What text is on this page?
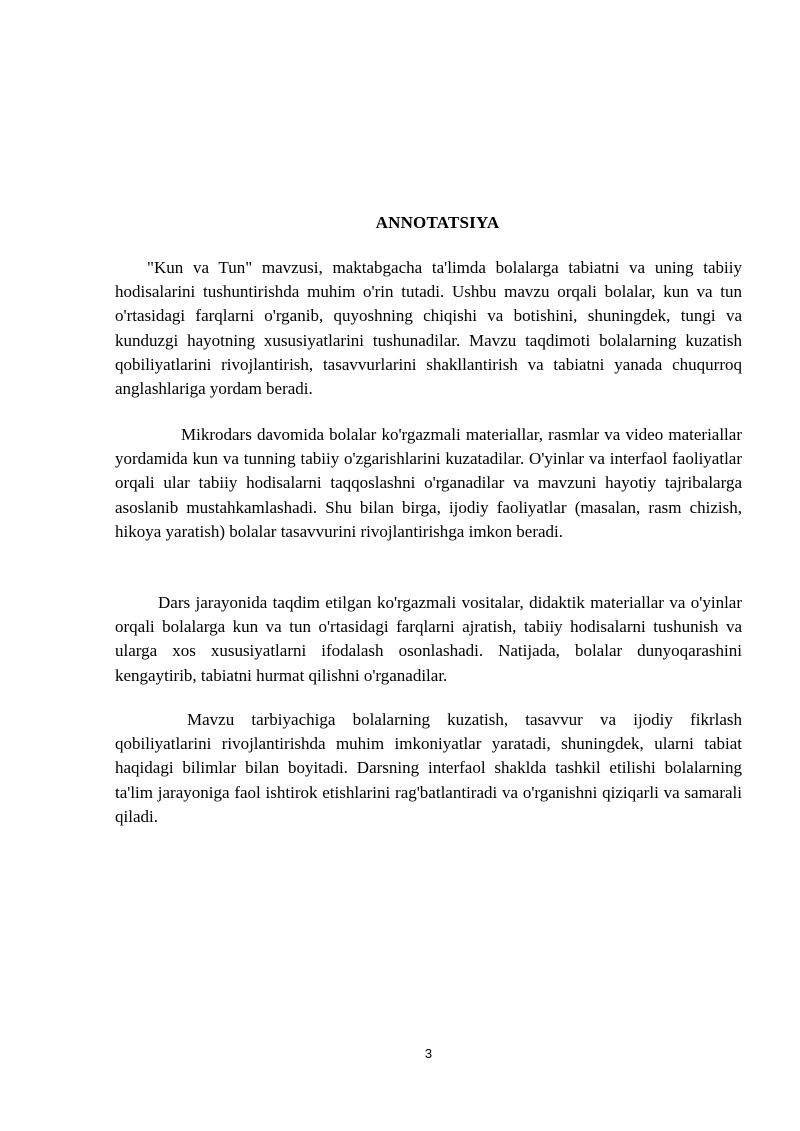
ANNOTATSIYA

"Kun va Tun" mavzusi, maktabgacha ta'limda bolalarga tabiatni va uning tabiiy hodisalarini tushuntirishda muhim o'rin tutadi. Ushbu mavzu orqali bolalar, kun va tun o'rtasidagi farqlarni o'rganib, quyoshning chiqishi va botishini, shuningdek, tungi va kunduzgi hayotning xususiyatlarini tushunadilar. Mavzu taqdimoti bolalarning kuzatish qobiliyatlarini rivojlantirish, tasavvurlarini shakllantirish va tabiatni yanada chuqurroq anglashlariga yordam beradi.

Mikrodars davomida bolalar ko'rgazmali materiallar, rasmlar va video materiallar yordamida kun va tunning tabiiy o'zgarishlarini kuzatadilar. O'yinlar va interfaol faoliyatlar orqali ular tabiiy hodisalarni taqqoslashni o'rganadilar va mavzuni hayotiy tajribalarga asoslanib mustahkamlashadi. Shu bilan birga, ijodiy faoliyatlar (masalan, rasm chizish, hikoya yaratish) bolalar tasavvurini rivojlantirishga imkon beradi.

Dars jarayonida taqdim etilgan ko'rgazmali vositalar, didaktik materiallar va o'yinlar orqali bolalarga kun va tun o'rtasidagi farqlarni ajratish, tabiiy hodisalarni tushunish va ularga xos xususiyatlarni ifodalash osonlashadi. Natijada, bolalar dunyoqarashini kengaytirib, tabiatni hurmat qilishni o'rganadilar.

Mavzu tarbiyachiga bolalarning kuzatish, tasavvur va ijodiy fikrlash qobiliyatlarini rivojlantirishda muhim imkoniyatlar yaratadi, shuningdek, ularni tabiat haqidagi bilimlar bilan boyitadi. Darsning interfaol shaklda tashkil etilishi bolalarning ta'lim jarayoniga faol ishtirok etishlarini rag'batlantiradi va o'rganishni qiziqarli va samarali qiladi.

3
